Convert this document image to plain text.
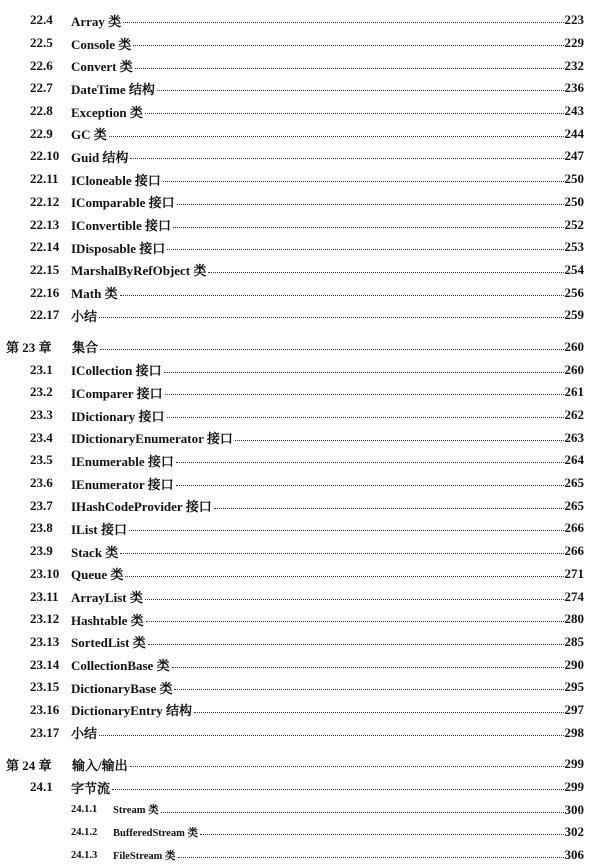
22.4	Array 类	223
22.5	Console 类	229
22.6	Convert 类	232
22.7	DateTime 结构	236
22.8	Exception 类	243
22.9	GC 类	244
22.10 Guid 结构	247
22.11 ICloneable 接口	250
22.12 IComparable 接口	250
22.13 IConvertible 接口	252
22.14 IDisposable 接口	253
22.15 MarshalByRefObject 类	254
22.16 Math 类	256
22.17 小结	259
第 23 章	集合	260
23.1	ICollection 接口	260
23.2	IComparer 接口	261
23.3	IDictionary 接口	262
23.4	IDictionaryEnumerator 接口	263
23.5	IEnumerable 接口	264
23.6	IEnumerator 接口	265
23.7	IHashCodeProvider 接口	265
23.8	IList 接口	266
23.9	Stack 类	266
23.10 Queue 类	271
23.11 ArrayList 类	274
23.12 Hashtable 类	280
23.13 SortedList 类	285
23.14 CollectionBase 类	290
23.15 DictionaryBase 类	295
23.16 DictionaryEntry 结构	297
23.17 小结	298
第 24 章	输入/输出	299
24.1	字节流	299
24.1.1	Stream 类	300
24.1.2	BufferedStream 类	302
24.1.3	FileStream 类	306
